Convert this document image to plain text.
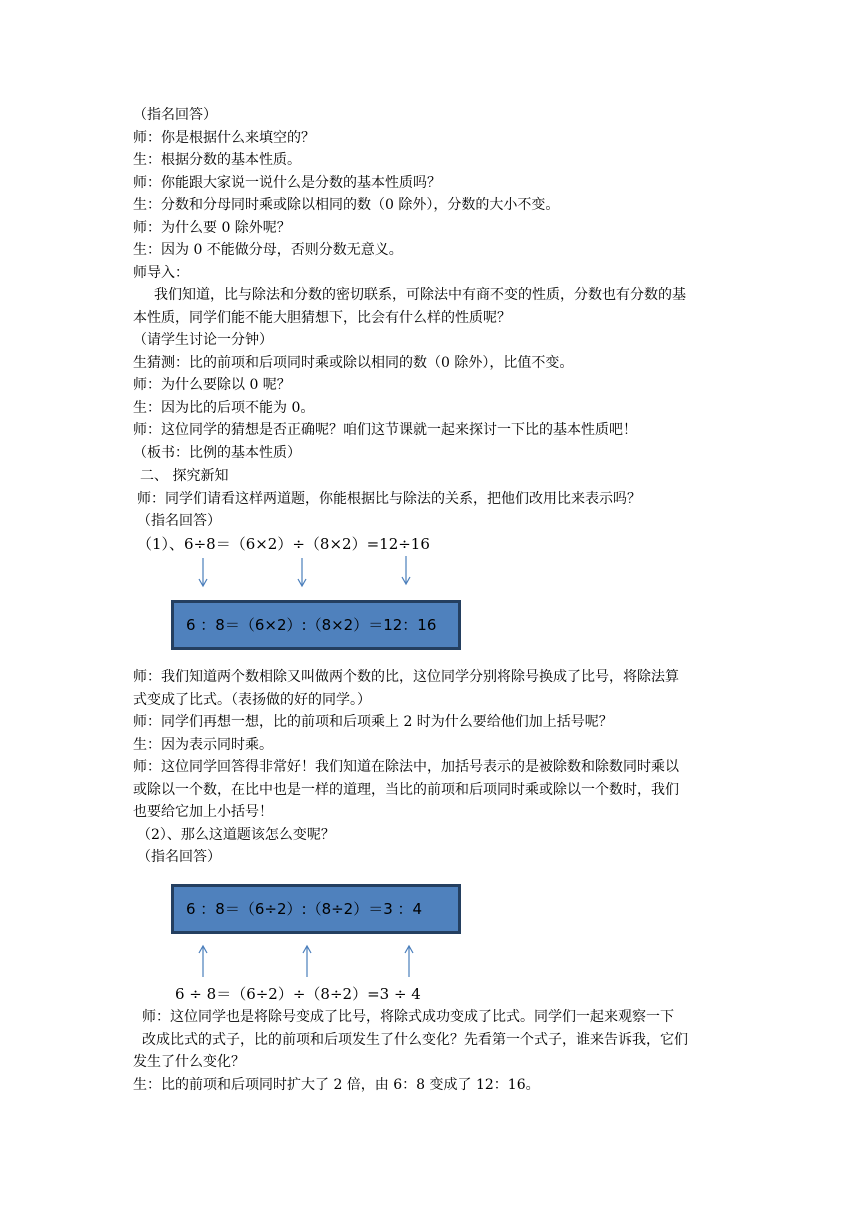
（指名回答）

师：你是根据什么来填空的？

生：根据分数的基本性质。

师：你能跟大家说一说什么是分数的基本性质吗？

生：分数和分母同时乘或除以相同的数（0 除外），分数的大小不变。

师：为什么要 0 除外呢？

生：因为 0 不能做分母，否则分数无意义。

师导入：

我们知道，比与除法和分数的密切联系，可除法中有商不变的性质，分数也有分数的基

本性质，同学们能不能大胆猜想下，比会有什么样的性质呢？

（请学生讨论一分钟）

生猜测：比的前项和后项同时乘或除以相同的数（0 除外），比值不变。

师：为什么要除以 0 呢？

生：因为比的后项不能为 0。

师：这位同学的猜想是否正确呢？咱们这节课就一起来探讨一下比的基本性质吧！

（板书：比例的基本性质）

二、 探究新知

师：同学们请看这样两道题，你能根据比与除法的关系，把他们改用比来表示吗？

（指名回答）

（1）、6÷8＝（6×2）÷（8×2）=12÷16

6 ：8＝（6×2）:（8×2）＝12：16

师：我们知道两个数相除又叫做两个数的比，这位同学分别将除号换成了比号，将除法算

式变成了比式。（表扬做的好的同学。）

师：同学们再想一想，比的前项和后项乘上 2 时为什么要给他们加上括号呢？

生：因为表示同时乘。

师：这位同学回答得非常好！我们知道在除法中，加括号表示的是被除数和除数同时乘以

或除以一个数，在比中也是一样的道理，当比的前项和后项同时乘或除以一个数时，我们

也要给它加上小括号！

（2）、那么这道题该怎么变呢？

（指名回答）

6 ：8＝（6÷2）:（8÷2）＝3 ：4

6 ÷ 8＝（6÷2）÷（8÷2）=3 ÷ 4

师：这位同学也是将除号变成了比号，将除式成功变成了比式。同学们一起来观察一下

改成比式的式子，比的前项和后项发生了什么变化？先看第一个式子，谁来告诉我，它们

发生了什么变化？

生：比的前项和后项同时扩大了 2 倍，由 6：8 变成了 12：16。
